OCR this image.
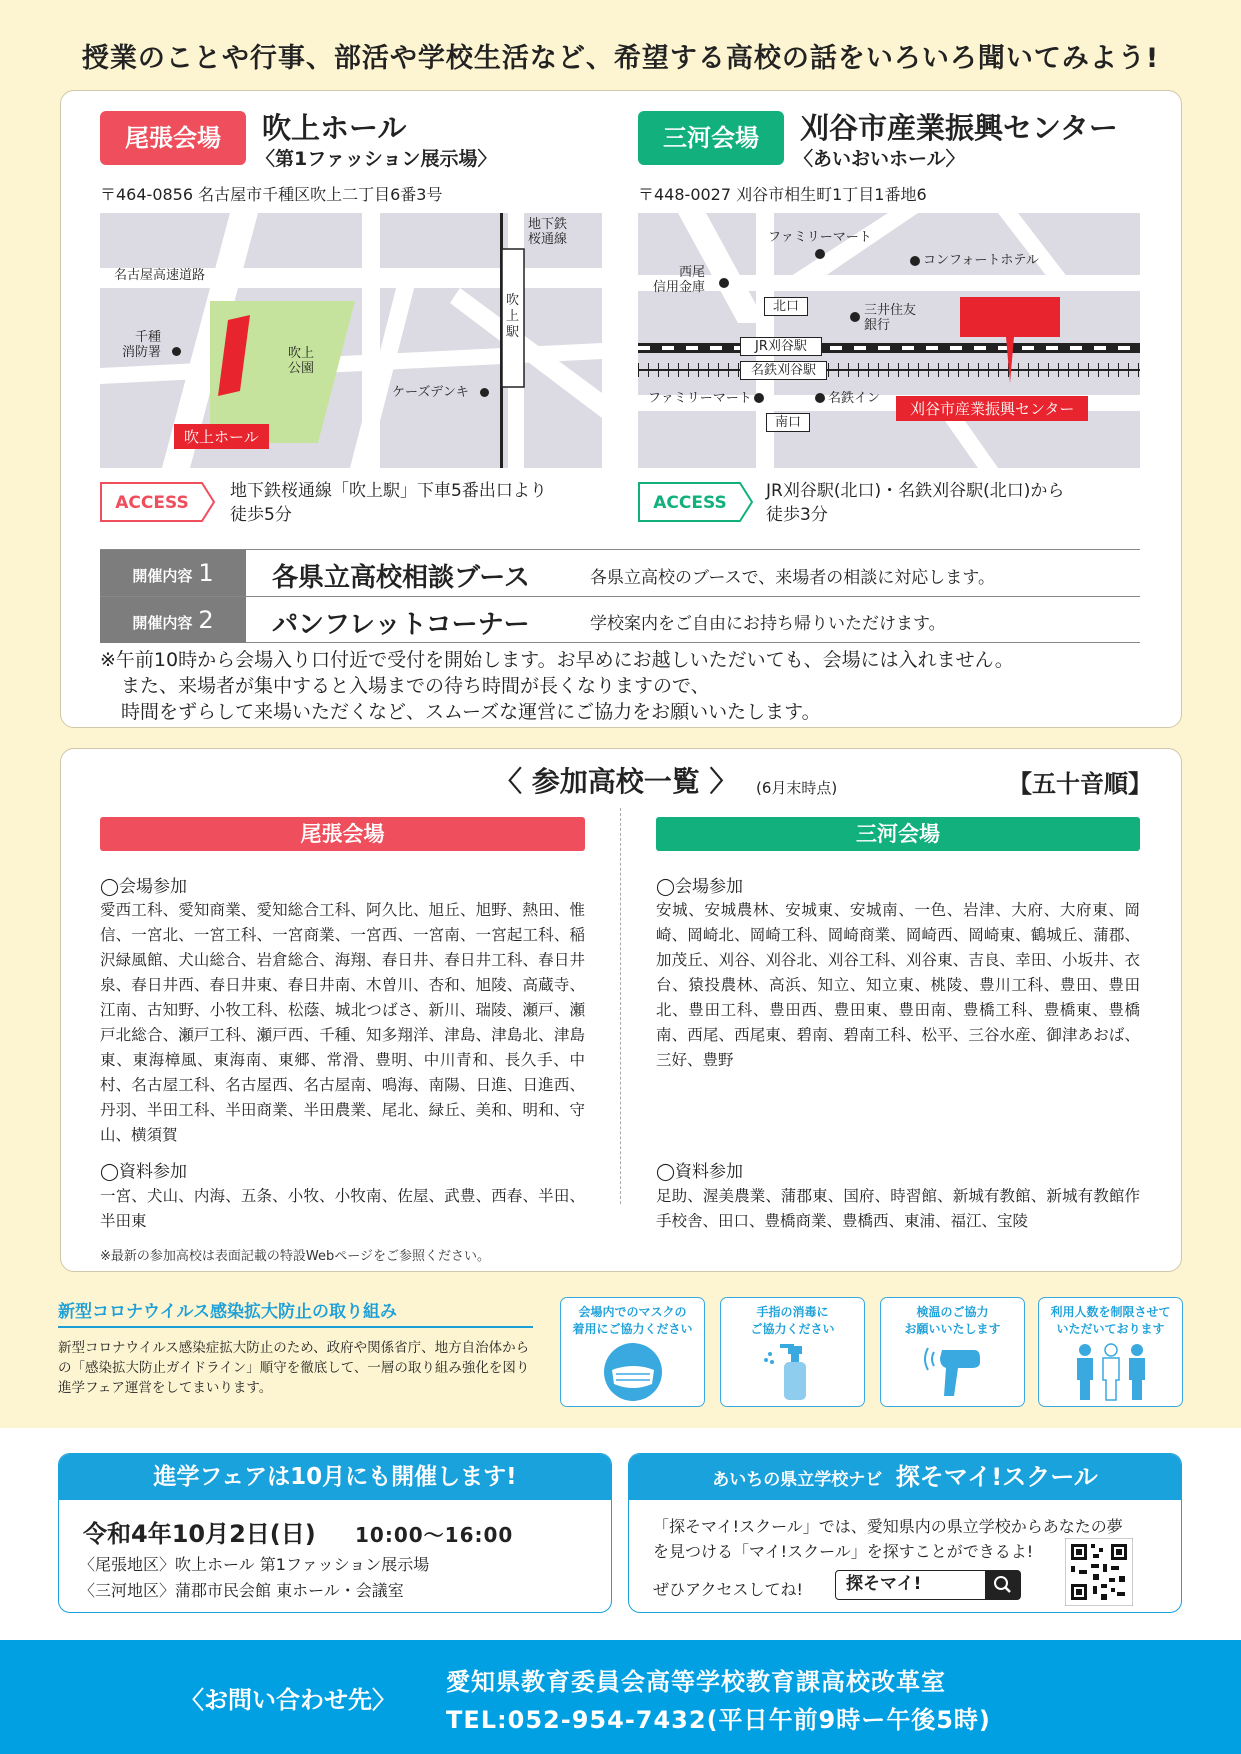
授業のことや行事、部活や学校生活など、希望する高校の話をいろいろ聞いてみよう!
尾張会場	吹上ホール
〈第1ファッション展示場〉
〒464-0856 名古屋市千種区吹上二丁目6番3号
地下鉄
桜通線
名古屋高速道路
千種
消防署	吹上
公園
吹
上
駅
ケーズデンキ
吹上ホール
ACCESS
地下鉄桜通線「吹上駅」下車5番出口より
徒歩5分
三河会場	刈谷市産業振興センター
〈あいおいホール〉
〒448-0027 刈谷市相生町1丁目1番地6
ファミリーマート
コンフォートホテル
西尾
信用金庫
北口	三井住友
銀行
JR刈谷駅
名鉄刈谷駅
ファミリーマート	名鉄イン
南口
刈谷市産業振興センター
ACCESS
JR刈谷駅(北口)・名鉄刈谷駅(北口)から
徒歩3分
開催内容 1	各県立高校相談ブース	各県立高校のブースで、来場者の相談に対応します。
開催内容 2	パンフレットコーナー	学校案内をご自由にお持ち帰りいただけます。
※午前10時から会場入り口付近で受付を開始します。お早めにお越しいただいても、会場には入れません。
また、来場者が集中すると入場までの待ち時間が長くなりますので、
時間をずらして来場いただくなど、スムーズな運営にご協力をお願いいたします。
〈 参加高校一覧 〉 (6月末時点)	【五十音順】
尾張会場	三河会場
◯会場参加
愛西工科、愛知商業、愛知総合工科、阿久比、旭丘、旭野、熱田、惟信、一宮北、一宮工科、一宮商業、一宮西、一宮南、一宮起工科、稲沢緑風館、犬山総合、岩倉総合、海翔、春日井、春日井工科、春日井泉、春日井西、春日井東、春日井南、木曽川、杏和、旭陵、高蔵寺、江南、古知野、小牧工科、松蔭、城北つばさ、新川、瑞陵、瀬戸、瀬戸北総合、瀬戸工科、瀬戸西、千種、知多翔洋、津島、津島北、津島東、東海樟風、東海南、東郷、常滑、豊明、中川青和、長久手、中村、名古屋工科、名古屋西、名古屋南、鳴海、南陽、日進、日進西、丹羽、半田工科、半田商業、半田農業、尾北、緑丘、美和、明和、守山、横須賀
◯資料参加
一宮、犬山、内海、五条、小牧、小牧南、佐屋、武豊、西春、半田、半田東
◯会場参加
安城、安城農林、安城東、安城南、一色、岩津、大府、大府東、岡崎、岡崎北、岡崎工科、岡崎商業、岡崎西、岡崎東、鶴城丘、蒲郡、加茂丘、刈谷、刈谷北、刈谷工科、刈谷東、吉良、幸田、小坂井、衣台、猿投農林、高浜、知立、知立東、桃陵、豊川工科、豊田、豊田北、豊田工科、豊田西、豊田東、豊田南、豊橋工科、豊橋東、豊橋南、西尾、西尾東、碧南、碧南工科、松平、三谷水産、御津あおば、三好、豊野
◯資料参加
足助、渥美農業、蒲郡東、国府、時習館、新城有教館、新城有教館作手校舎、田口、豊橋商業、豊橋西、東浦、福江、宝陵
※最新の参加高校は表面記載の特設Webページをご参照ください。
新型コロナウイルス感染拡大防止の取り組み
新型コロナウイルス感染症拡大防止のため、政府や関係省庁、地方自治体からの「感染拡大防止ガイドライン」順守を徹底して、一層の取り組み強化を図り進学フェア運営をしてまいります。
会場内でのマスクの
着用にご協力ください
手指の消毒に
ご協力ください
検温のご協力
お願いいたします
利用人数を制限させて
いただいております
進学フェアは10月にも開催します!
令和4年10月2日(日) 10:00〜16:00
〈尾張地区〉吹上ホール 第1ファッション展示場
〈三河地区〉蒲郡市民会館 東ホール・会議室
あいちの県立学校ナビ 探そマイ!スクール
「探そマイ!スクール」では、愛知県内の県立学校からあなたの夢を見つける「マイ!スクール」を探すことができるよ!
ぜひアクセスしてね!	探そマイ!
〈お問い合わせ先〉
愛知県教育委員会高等学校教育課高校改革室
TEL:052-954-7432(平日午前9時ー午後5時)
